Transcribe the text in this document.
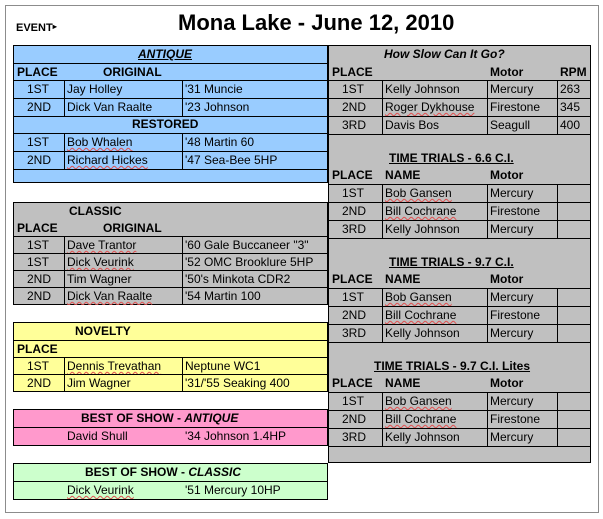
EVENT▸	Mona Lake - June 12, 2010
ANTIQUE
PLACE	ORIGINAL
1ST	Jay Holley	'31 Muncie
2ND	Dick Van Raalte	'23 Johnson
RESTORED
1ST	Bob Whalen	'48 Martin 60
2ND	Richard Hickes	'47 Sea-Bee 5HP
CLASSIC
PLACE	ORIGINAL
1ST	Dave Trantor	'60 Gale Buccaneer "3"
1ST	Dick Veurink	'52 OMC Brooklure 5HP
2ND	Tim Wagner	'50's Minkota CDR2
2ND	Dick Van Raalte	'54 Martin 100
NOVELTY
PLACE
1ST	Dennis Trevathan	Neptune WC1
2ND	Jim Wagner	'31/'55 Seaking 400
BEST OF SHOW - ANTIQUE
David Shull	'34 Johnson 1.4HP
BEST OF SHOW - CLASSIC
Dick Veurink	'51 Mercury 10HP
How Slow Can It Go?
PLACE	Motor	RPM
1ST	Kelly Johnson	Mercury	263
2ND	Roger Dykhouse	Firestone	345
3RD	Davis Bos	Seagull	400
TIME TRIALS - 6.6 C.I.
PLACE NAME	Motor
1ST	Bob Gansen	Mercury
2ND	Bill Cochrane	Firestone
3RD	Kelly Johnson	Mercury
TIME TRIALS - 9.7 C.I.
PLACE NAME	Motor
1ST	Bob Gansen	Mercury
2ND	Bill Cochrane	Firestone
3RD	Kelly Johnson	Mercury
TIME TRIALS - 9.7 C.I. Lites
PLACE NAME	Motor
1ST	Bob Gansen	Mercury
2ND	Bill Cochrane	Firestone
3RD	Kelly Johnson	Mercury
